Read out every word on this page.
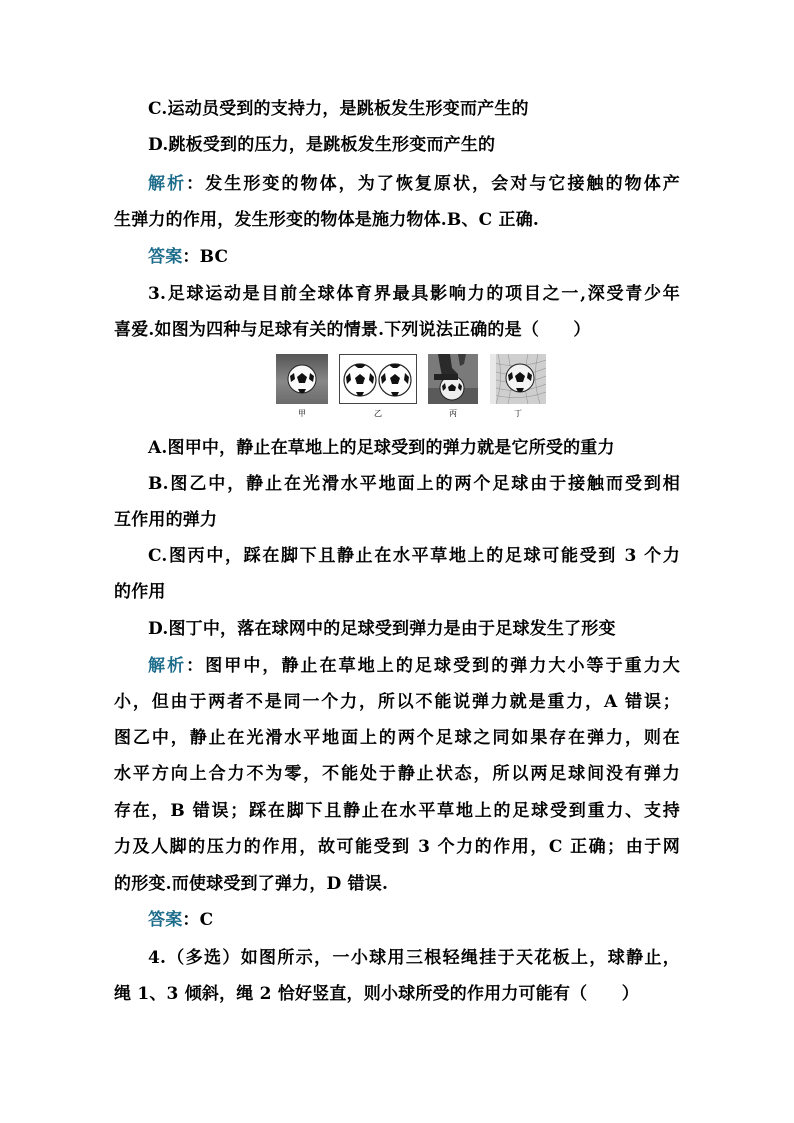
C.运动员受到的支持力，是跳板发生形变而产生的
D.跳板受到的压力，是跳板发生形变而产生的
解析：发生形变的物体，为了恢复原状，会对与它接触的物体产
生弹力的作用，发生形变的物体是施力物体.B、C 正确.
答案：BC
3.足球运动是目前全球体育界最具影响力的项目之一,深受青少年
喜爱.如图为四种与足球有关的情景.下列说法正确的是（　　）
甲	乙	丙	丁
A.图甲中，静止在草地上的足球受到的弹力就是它所受的重力
B.图乙中，静止在光滑水平地面上的两个足球由于接触而受到相
互作用的弹力
C.图丙中，踩在脚下且静止在水平草地上的足球可能受到 3 个力
的作用
D.图丁中，落在球网中的足球受到弹力是由于足球发生了形变
解析：图甲中，静止在草地上的足球受到的弹力大小等于重力大
小，但由于两者不是同一个力，所以不能说弹力就是重力，A 错误；
图乙中，静止在光滑水平地面上的两个足球之同如果存在弹力，则在
水平方向上合力不为零，不能处于静止状态，所以两足球间没有弹力
存在，B 错误；踩在脚下且静止在水平草地上的足球受到重力、支持
力及人脚的压力的作用，故可能受到 3 个力的作用，C 正确；由于网
的形变.而使球受到了弹力，D 错误.
答案：C
4.（多选）如图所示，一小球用三根轻绳挂于天花板上，球静止，
绳 1、3 倾斜，绳 2 恰好竖直，则小球所受的作用力可能有（　　）
